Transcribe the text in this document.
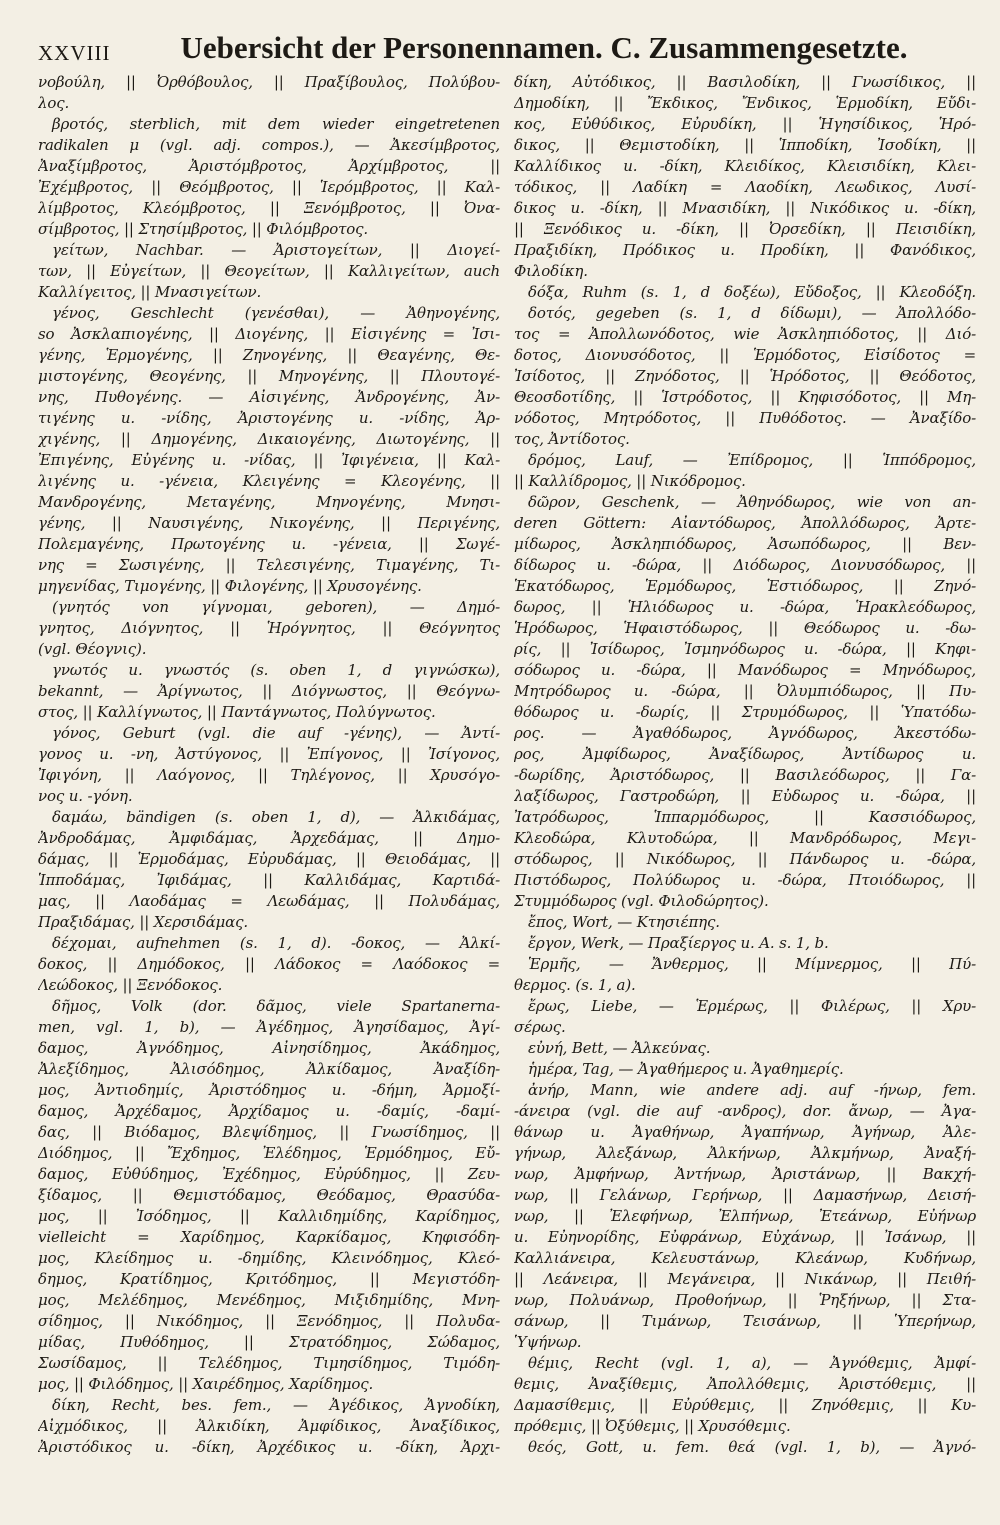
XXVIII	Uebersicht der Personennamen. C. Zusammengesetzte.
νοβούλη, || Ὀρθόβουλος, || Πραξίβουλος, Πολύβου-
λος.
βροτός, sterblich, mit dem wieder eingetretenen
radikalen μ (vgl. adj. compos.), — Ἀκεσίμβροτος,
Ἀναξίμβροτος, Ἀριστόμβροτος, Ἀρχίμβροτος, ||
Ἐχέμβροτος, || Θεόμβροτος, || Ἱερόμβροτος, || Καλ-
λίμβροτος, Κλεόμβροτος, || Ξενόμβροτος, || Ὀνα-
σίμβροτος, || Στησίμβροτος, || Φιλόμβροτος.
γείτων, Nachbar. — Ἀριστογείτων, || Διογεί-
των, || Εὐγείτων, || Θεογείτων, || Καλλιγείτων, auch
Καλλίγειτος, || Μνασιγείτων.
γένος, Geschlecht (γενέσθαι), — Ἀθηνογένης,
so Ἀσκλαπιογένης, || Διογένης, || Εἰσιγένης = Ἰσι-
γένης, Ἑρμογένης, || Ζηνογένης, || Θεαγένης, Θε-
μιστογένης, Θεογένης, || Μηνογένης, || Πλουτογέ-
νης, Πυθογένης. — Αἰσιγένης, Ἀνδρογένης, Ἀν-
τιγένης u. -νίδης, Ἀριστογένης u. -νίδης, Ἀρ-
χιγένης, || Δημογένης, Δικαιογένης, Διωτογένης, ||
Ἐπιγένης, Εὐγένης u. -νίδας, || Ἰφιγένεια, || Καλ-
λιγένης u. -γένεια, Κλειγένης = Κλεογένης, ||
Μανδρογένης, Μεταγένης, Μηνογένης, Μνησι-
γένης, || Ναυσιγένης, Νικογένης, || Περιγένης,
Πολεμαγένης, Πρωτογένης u. -γένεια, || Σωγέ-
νης = Σωσιγένης, || Τελεσιγένης, Τιμαγένης, Τι-
μηγενίδας, Τιμογένης, || Φιλογένης, || Χρυσογένης.
(γνητός von γίγνομαι, geboren), — Δημό-
γνητος, Διόγνητος, || Ἡρόγνητος, || Θεόγνητος
(vgl. Θέογνις).
γνωτός u. γνωστός (s. oben 1, d γιγνώσκω),
bekannt, — Ἀρίγνωτος, || Διόγνωστος, || Θεόγνω-
στος, || Καλλίγνωτος, || Παντάγνωτος, Πολύγνωτος.
γόνος, Geburt (vgl. die auf -γένης), — Ἀντί-
γονος u. -νη, Ἀστύγονος, || Ἐπίγονος, || Ἰσίγονος,
Ἰφιγόνη, || Λαόγονος, || Τηλέγονος, || Χρυσόγο-
νος u. -γόνη.
δαμάω, bändigen (s. oben 1, d), — Ἀλκιδάμας,
Ἀνδροδάμας, Ἀμφιδάμας, Ἀρχεδάμας, || Δημο-
δάμας, || Ἑρμοδάμας, Εὐρυδάμας, || Θειοδάμας, ||
Ἱπποδάμας, Ἰφιδάμας, || Καλλιδάμας, Καρτιδά-
μας, || Λαοδάμας = Λεωδάμας, || Πολυδάμας,
Πραξιδάμας, || Χερσιδάμας.
δέχομαι, aufnehmen (s. 1, d). -δοκος, — Ἀλκί-
δοκος, || Δημόδοκος, || Λάδοκος = Λαόδοκος =
Λεώδοκος, || Ξενόδοκος.
δῆμος, Volk (dor. δᾶμος, viele Spartanerna-
men, vgl. 1, b), — Ἀγέδημος, Ἀγησίδαμος, Ἀγί-
δαμος, Ἀγνόδημος, Αἰνησίδημος, Ἀκάδημος,
Ἀλεξίδημος, Ἀλισόδημος, Ἀλκίδαμος, Ἀναξίδη-
μος, Ἀντιοδημίς, Ἀριστόδημος u. -δήμη, Ἀρμοξί-
δαμος, Ἀρχέδαμος, Ἀρχίδαμος u. -δαμίς, -δαμί-
δας, || Βιόδαμος, Βλεψίδημος, || Γνωσίδημος, ||
Διόδημος, || Ἔχδημος, Ἐλέδημος, Ἑρμόδημος, Εὔ-
δαμος, Εὐθύδημος, Ἐχέδημος, Εὐρύδημος, || Ζευ-
ξίδαμος, || Θεμιστόδαμος, Θεόδαμος, Θρασύδα-
μος, || Ἰσόδημος, || Καλλιδημίδης, Καρίδημος,
vielleicht = Χαρίδημος, Καρκίδαμος, Κηφισόδη-
μος, Κλείδημος u. -δημίδης, Κλεινόδημος, Κλεό-
δημος, Κρατίδημος, Κριτόδημος, || Μεγιστόδη-
μος, Μελέδημος, Μενέδημος, Μιξιδημίδης, Μνη-
σίδημος, || Νικόδημος, || Ξενόδημος, || Πολυδα-
μίδας, Πυθόδημος, || Στρατόδημος, Σώδαμος,
Σωσίδαμος, || Τελέδημος, Τιμησίδημος, Τιμόδη-
μος, || Φιλόδημος, || Χαιρέδημος, Χαρίδημος.
δίκη, Recht, bes. fem., — Ἀγέδικος, Ἀγνοδίκη,
Αἰχμόδικος, || Ἀλκιδίκη, Ἀμφίδικος, Ἀναξίδικος,
Ἀριστόδικος u. -δίκη, Ἀρχέδικος u. -δίκη, Ἀρχι-
δίκη, Αὐτόδικος, || Βασιλοδίκη, || Γνωσίδικος, ||
Δημοδίκη, || Ἔκδικος, Ἔνδικος, Ἑρμοδίκη, Εὔδι-
κος, Εὐθύδικος, Εὐρυδίκη, || Ἡγησίδικος, Ἡρό-
δικος, || Θεμιστοδίκη, || Ἱπποδίκη, Ἰσοδίκη, ||
Καλλίδικος u. -δίκη, Κλειδίκος, Κλεισιδίκη, Κλει-
τόδικος, || Λαδίκη = Λαοδίκη, Λεωδικος, Λυσί-
δικος u. -δίκη, || Μνασιδίκη, || Νικόδικος u. -δίκη,
|| Ξενόδικος u. -δίκη, || Ὀρσεδίκη, || Πεισιδίκη,
Πραξιδίκη, Πρόδικος u. Προδίκη, || Φανόδικος,
Φιλοδίκη.
δόξα, Ruhm (s. 1, d δοξέω), Εὔδοξος, || Κλεοδόξη.
δοτός, gegeben (s. 1, d δίδωμι), — Ἀπολλόδο-
τος = Ἀπολλωνόδοτος, wie Ἀσκληπιόδοτος, || Διό-
δοτος, Διονυσόδοτος, || Ἑρμόδοτος, Εἰσίδοτος =
Ἰσίδοτος, || Ζηνόδοτος, || Ἡρόδοτος, || Θεόδοτος,
Θεοσδοτίδης, || Ἱστρόδοτος, || Κηφισόδοτος, || Μη-
νόδοτος, Μητρόδοτος, || Πυθόδοτος. — Ἀναξίδο-
τος, Ἀντίδοτος.
δρόμος, Lauf, — Ἐπίδρομος, || Ἱππόδρομος,
|| Καλλίδρομος, || Νικόδρομος.
δῶρον, Geschenk, — Ἀθηνόδωρος, wie von an-
deren Göttern: Αἰαντόδωρος, Ἀπολλόδωρος, Ἀρτε-
μίδωρος, Ἀσκληπιόδωρος, Ἀσωπόδωρος, || Βεν-
δίδωρος u. -δώρα, || Διόδωρος, Διονυσόδωρος, ||
Ἑκατόδωρος, Ἑρμόδωρος, Ἑστιόδωρος, || Ζηνό-
δωρος, || Ἡλιόδωρος u. -δώρα, Ἡρακλεόδωρος,
Ἡρόδωρος, Ἡφαιστόδωρος, || Θεόδωρος u. -δω-
ρίς, || Ἰσίδωρος, Ἰσμηνόδωρος u. -δώρα, || Κηφι-
σόδωρος u. -δώρα, || Μανόδωρος = Μηνόδωρος,
Μητρόδωρος u. -δώρα, || Ὀλυμπιόδωρος, || Πυ-
θόδωρος u. -δωρίς, || Στρυμόδωρος, || Ὑπατόδω-
ρος. — Ἀγαθόδωρος, Ἀγνόδωρος, Ἀκεστόδω-
ρος, Ἀμφίδωρος, Ἀναξίδωρος, Ἀντίδωρος u.
-δωρίδης, Ἀριστόδωρος, || Βασιλεόδωρος, || Γα-
λαξίδωρος, Γαστροδώρη, || Εὐδωρος u. -δώρα, ||
Ἰατρόδωρος, Ἱππαρμόδωρος, || Κασσιόδωρος,
Κλεοδώρα, Κλυτοδώρα, || Μανδρόδωρος, Μεγι-
στόδωρος, || Νικόδωρος, || Πάνδωρος u. -δώρα,
Πιστόδωρος, Πολύδωρος u. -δώρα, Πτοιόδωρος, ||
Στυμμόδωρος (vgl. Φιλοδώρητος).
ἔπος, Wort, — Κτησιέπης.
ἔργον, Werk, — Πραξίεργος u. A. s. 1, b.
Ἑρμῆς, — Ἄνθερμος, || Μίμνερμος, || Πύ-
θερμος. (s. 1, a).
ἔρως, Liebe, — Ἑρμέρως, || Φιλέρως, || Χρυ-
σέρως.
εὐνή, Bett, — Ἀλκεύνας.
ἡμέρα, Tag, — Ἀγαθήμερος u. Ἀγαθημερίς.
ἀνήρ, Mann, wie andere adj. auf -ήνωρ, fem.
-άνειρα (vgl. die auf -ανδρος), dor. ἄνωρ, — Ἀγα-
θάνωρ u. Ἀγαθήνωρ, Ἀγαπήνωρ, Ἀγήνωρ, Ἀλε-
γήνωρ, Ἀλεξάνωρ, Ἀλκήνωρ, Ἀλκμήνωρ, Ἀναξή-
νωρ, Ἀμφήνωρ, Ἀντήνωρ, Ἀριστάνωρ, || Βακχή-
νωρ, || Γελάνωρ, Γερήνωρ, || Δαμασήνωρ, Δεισή-
νωρ, || Ἐλεφήνωρ, Ἐλπήνωρ, Ἐτεάνωρ, Εὐήνωρ
u. Εὐηνορίδης, Εὐφράνωρ, Εὐχάνωρ, || Ἰσάνωρ, ||
Καλλιάνειρα, Κελευστάνωρ, Κλεάνωρ, Κυδήνωρ,
|| Λεάνειρα, || Μεγάνειρα, || Νικάνωρ, || Πειθή-
νωρ, Πολυάνωρ, Προθοήνωρ, || Ῥηξήνωρ, || Στα-
σάνωρ, || Τιμάνωρ, Τεισάνωρ, || Ὑπερήνωρ,
Ὑψήνωρ.
θέμις, Recht (vgl. 1, a), — Ἀγνόθεμις, Ἀμφί-
θεμις, Ἀναξίθεμις, Ἀπολλόθεμις, Ἀριστόθεμις, ||
Δαμασίθεμις, || Εὐρύθεμις, || Ζηνόθεμις, || Κυ-
πρόθεμις, || Ὀξύθεμις, || Χρυσόθεμις.
θεός, Gott, u. fem. θεά (vgl. 1, b), — Ἀγνό-
